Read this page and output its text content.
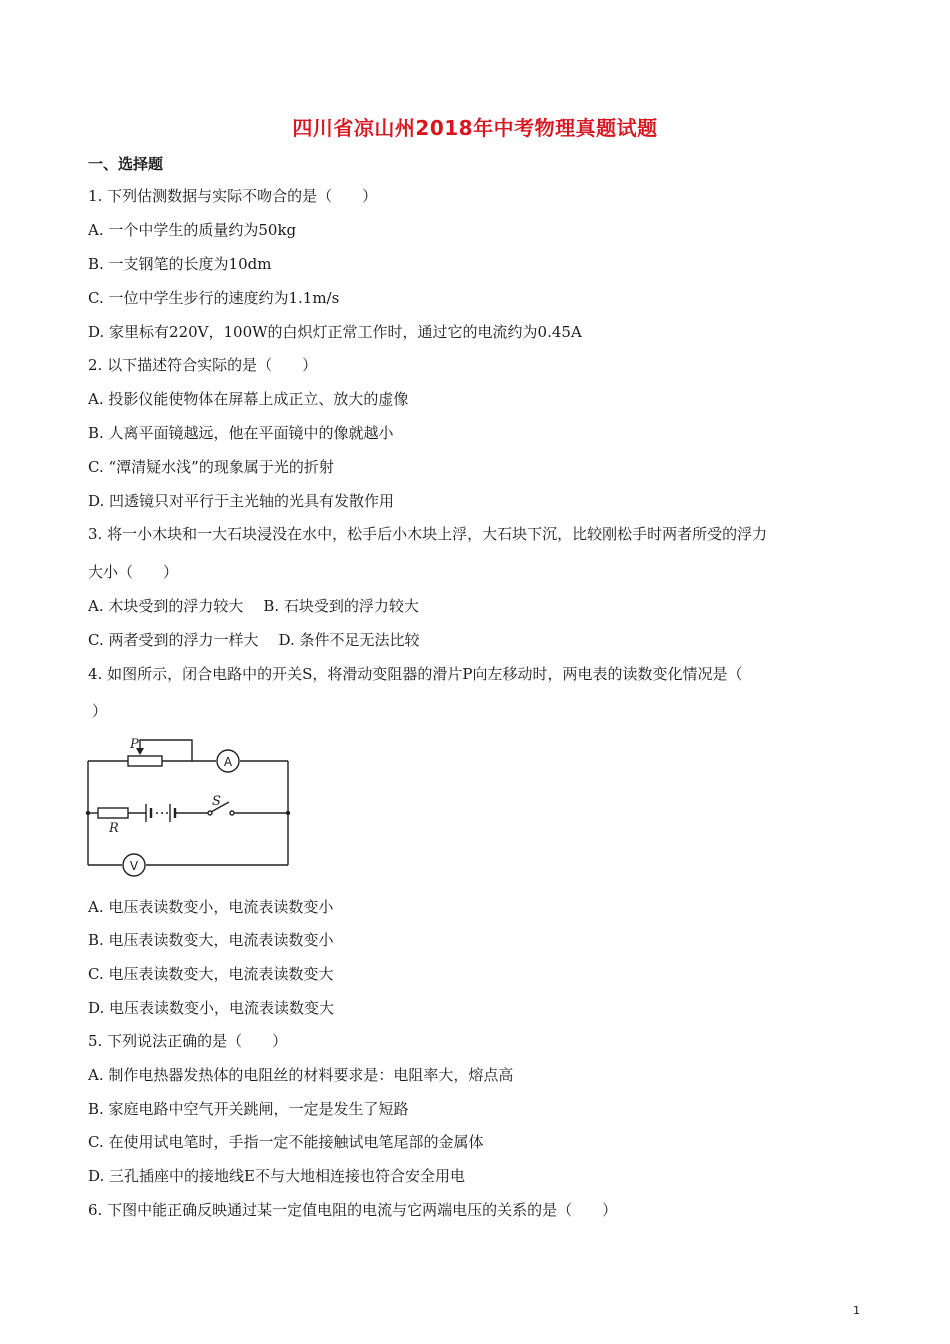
四川省凉山州2018年中考物理真题试题
一、选择题
1. 下列估测数据与实际不吻合的是（　　）
A. 一个中学生的质量约为50kg
B. 一支钢笔的长度为10dm
C. 一位中学生步行的速度约为1.1m/s
D. 家里标有220V，100W的白炽灯正常工作时，通过它的电流约为0.45A
2. 以下描述符合实际的是（　　）
A. 投影仪能使物体在屏幕上成正立、放大的虚像
B. 人离平面镜越远，他在平面镜中的像就越小
C. “潭清疑水浅”的现象属于光的折射
D. 凹透镜只对平行于主光轴的光具有发散作用
3. 将一小木块和一大石块浸没在水中，松手后小木块上浮，大石块下沉，比较刚松手时两者所受的浮力
大小（　　）
A. 木块受到的浮力较大 B. 石块受到的浮力较大
C. 两者受到的浮力一样大 D. 条件不足无法比较
4. 如图所示，闭合电路中的开关S，将滑动变阻器的滑片P向左移动时，两电表的读数变化情况是（
）
P
S
R
A
V
A. 电压表读数变小，电流表读数变小
B. 电压表读数变大，电流表读数变小
C. 电压表读数变大，电流表读数变大
D. 电压表读数变小，电流表读数变大
5. 下列说法正确的是（　　）
A. 制作电热器发热体的电阻丝的材料要求是：电阻率大，熔点高
B. 家庭电路中空气开关跳闸，一定是发生了短路
C. 在使用试电笔时，手指一定不能接触试电笔尾部的金属体
D. 三孔插座中的接地线E不与大地相连接也符合安全用电
6. 下图中能正确反映通过某一定值电阻的电流与它两端电压的关系的是（　　）
1
